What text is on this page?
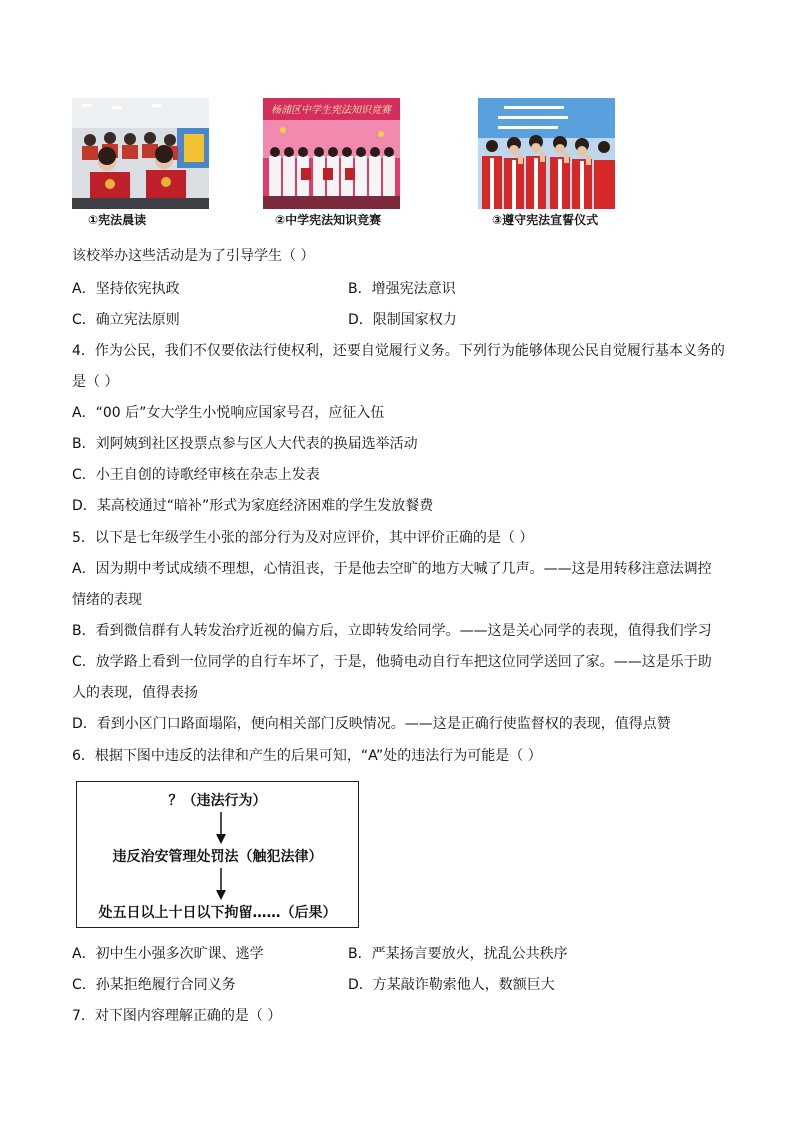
①宪法晨读
杨浦区中学生宪法知识竞赛
②中学宪法知识竞赛	③遵守宪法宣誓仪式
该校举办这些活动是为了引导学生（ ）
A．坚持依宪执政	B．增强宪法意识
C．确立宪法原则	D．限制国家权力
4．作为公民，我们不仅要依法行使权利，还要自觉履行义务。下列行为能够体现公民自觉履行基本义务的
是（ ）
A．“00 后”女大学生小悦响应国家号召，应征入伍
B．刘阿姨到社区投票点参与区人大代表的换届选举活动
C．小王自创的诗歌经审核在杂志上发表
D．某高校通过“暗补”形式为家庭经济困难的学生发放餐费
5．以下是七年级学生小张的部分行为及对应评价，其中评价正确的是（ ）
A．因为期中考试成绩不理想，心情沮丧，于是他去空旷的地方大喊了几声。——这是用转移注意法调控
情绪的表现
B．看到微信群有人转发治疗近视的偏方后，立即转发给同学。——这是关心同学的表现，值得我们学习
C．放学路上看到一位同学的自行车坏了，于是，他骑电动自行车把这位同学送回了家。——这是乐于助
人的表现，值得表扬
D．看到小区门口路面塌陷，便向相关部门反映情况。——这是正确行使监督权的表现，值得点赞
6．根据下图中违反的法律和产生的后果可知，“A”处的违法行为可能是（ ）
？（违法行为）
违反治安管理处罚法（触犯法律）
处五日以上十日以下拘留……（后果）
A．初中生小强多次旷课、逃学	B．严某扬言要放火，扰乱公共秩序
C．孙某拒绝履行合同义务	D．方某敲诈勒索他人，数额巨大
7．对下图内容理解正确的是（ ）
